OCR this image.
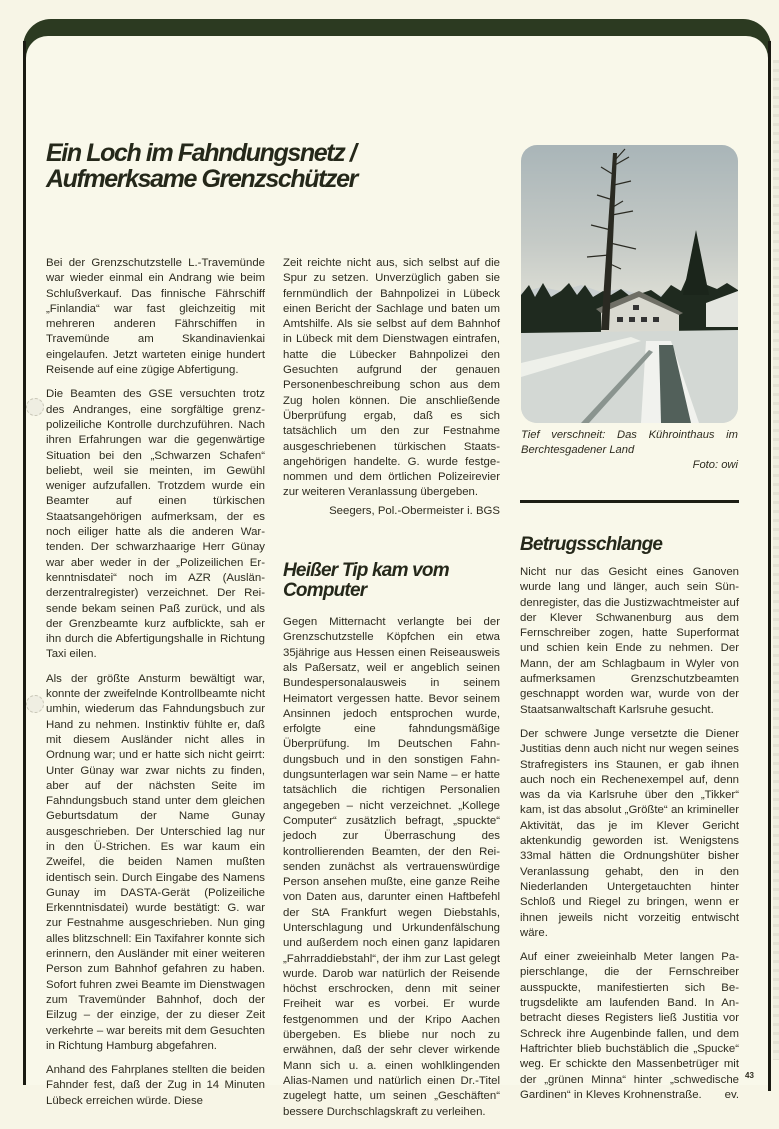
Ein Loch im Fahndungsnetz /
Aufmerksame Grenzschützer

Bei der Grenzschutzstelle L.-Travemünde war wieder einmal ein Andrang wie beim Schlußverkauf. Das finnische Fährschiff „Finlandia“ war fast gleichzeitig mit mehreren anderen Fährschiffen in Travemünde am Skandinavienkai eingelaufen. Jetzt warteten einige hundert Reisende auf eine zügige Abfertigung.

Die Beamten des GSE versuchten trotz des Andranges, eine sorgfältige grenzpolizeiliche Kontrolle durchzuführen. Nach ihren Erfahrungen war die gegenwärtige Situation bei den „Schwarzen Schafen“ beliebt, weil sie meinten, im Gewühl weniger aufzufallen. Trotzdem wurde ein Beamter auf einen türkischen Staatsangehörigen aufmerksam, der es noch eiliger hatte als die anderen Wartenden. Der schwarzhaarige Herr Günay war aber weder in der „Polizeilichen Erkenntnisdatei“ noch im AZR (Ausländerzentralregister) verzeichnet. Der Reisende bekam seinen Paß zurück, und als der Grenzbeamte kurz aufblickte, sah er ihn durch die Abfertigungshalle in Richtung Taxi eilen.

Als der größte Ansturm bewältigt war, konnte der zweifelnde Kontrollbeamte nicht umhin, wiederum das Fahndungsbuch zur Hand zu nehmen. Instinktiv fühlte er, daß mit diesem Ausländer nicht alles in Ordnung war; und er hatte sich nicht geirrt: Unter Günay war zwar nichts zu finden, aber auf der nächsten Seite im Fahndungsbuch stand unter dem gleichen Geburtsdatum der Name Gunay ausgeschrieben. Der Unterschied lag nur in den Ü-Strichen. Es war kaum ein Zweifel, die beiden Namen mußten identisch sein. Durch Eingabe des Namens Gunay im DASTA-Gerät (Polizeiliche Erkenntnisdatei) wurde bestätigt: G. war zur Festnahme ausgeschrieben. Nun ging alles blitzschnell: Ein Taxifahrer konnte sich erinnern, den Ausländer mit einer weiteren Person zum Bahnhof gefahren zu haben. Sofort fuhren zwei Beamte im Dienstwagen zum Travemünder Bahnhof, doch der Eilzug – der einzige, der zu dieser Zeit verkehrte – war bereits mit dem Gesuchten in Richtung Hamburg abgefahren.

Anhand des Fahrplanes stellten die beiden Fahnder fest, daß der Zug in 14 Minuten Lübeck erreichen würde. Diese

Zeit reichte nicht aus, sich selbst auf die Spur zu setzen. Unverzüglich gaben sie fernmündlich der Bahnpolizei in Lübeck einen Bericht der Sachlage und baten um Amtshilfe. Als sie selbst auf dem Bahnhof in Lübeck mit dem Dienstwagen eintrafen, hatte die Lübecker Bahnpolizei den Gesuchten aufgrund der genauen Personenbeschreibung schon aus dem Zug holen können. Die anschließende Überprüfung ergab, daß es sich tatsächlich um den zur Festnahme ausgeschriebenen türkischen Staatsangehörigen handelte. G. wurde festgenommen und dem örtlichen Polizeirevier zur weiteren Veranlassung übergeben.

Seegers, Pol.-Obermeister i. BGS

Heißer Tip kam vom Computer

Gegen Mitternacht verlangte bei der Grenzschutzstelle Köpfchen ein etwa 35jährige aus Hessen einen Reiseausweis als Paßersatz, weil er angeblich seinen Bundespersonalausweis in seinem Heimatort vergessen hatte. Bevor seinem Ansinnen jedoch entsprochen wurde, erfolgte eine fahndungsmäßige Überprüfung. Im Deutschen Fahndungsbuch und in den sonstigen Fahndungsunterlagen war sein Name – er hatte tatsächlich die richtigen Personalien angegeben – nicht verzeichnet. „Kollege Computer“ zusätzlich befragt, „spuckte“ jedoch zur Überraschung des kontrollierenden Beamten, der den Reisenden zunächst als vertrauenswürdige Person ansehen mußte, eine ganze Reihe von Daten aus, darunter einen Haftbefehl der StA Frankfurt wegen Diebstahls, Unterschlagung und Urkundenfälschung und außerdem noch einen ganz lapidaren „Fahrraddiebstahl“, der ihm zur Last gelegt wurde. Darob war natürlich der Reisende höchst erschrocken, denn mit seiner Freiheit war es vorbei. Er wurde festgenommen und der Kripo Aachen übergeben. Es bliebe nur noch zu erwähnen, daß der sehr clever wirkende Mann sich u. a. einen wohlklingenden Alias-Namen und natürlich einen Dr.-Titel zugelegt hatte, um seinen „Geschäften“ bessere Durchschlagskraft zu verleihen.

Tief verschneit: Das Kührointhaus im Berchtesgadener Land
Foto: owi
Betrugsschlange

Nicht nur das Gesicht eines Ganoven wurde lang und länger, auch sein Sündenregister, das die Justizwachtmeister auf der Klever Schwanenburg aus dem Fernschreiber zogen, hatte Superformat und schien kein Ende zu nehmen. Der Mann, der am Schlagbaum in Wyler von aufmerksamen Grenzschutzbeamten geschnappt worden war, wurde von der Staatsanwaltschaft Karlsruhe gesucht.

Der schwere Junge versetzte die Diener Justitias denn auch nicht nur wegen seines Strafregisters ins Staunen, er gab ihnen auch noch ein Rechenexempel auf, denn was da via Karlsruhe über den „Tikker“ kam, ist das absolut „Größte“ an krimineller Aktivität, das je im Klever Gericht aktenkundig geworden ist. Wenigstens 33mal hätten die Ordnungshüter bisher Veranlassung gehabt, den in den Niederlanden Untergetauchten hinter Schloß und Riegel zu bringen, wenn er ihnen jeweils nicht vorzeitig entwischt wäre.

Auf einer zweieinhalb Meter langen Papierschlange, die der Fernschreiber ausspuckte, manifestierten sich Betrugsdelikte am laufenden Band. In Anbetracht dieses Registers ließ Justitia vor Schreck ihre Augenbinde fallen, und dem Haftrichter blieb buchstäblich die „Spucke“ weg. Er schickte den Massenbetrüger mit der „grünen Minna“ hinter „schwedische Gardinen“ in Kleves Krohnenstraße. ev.

43
